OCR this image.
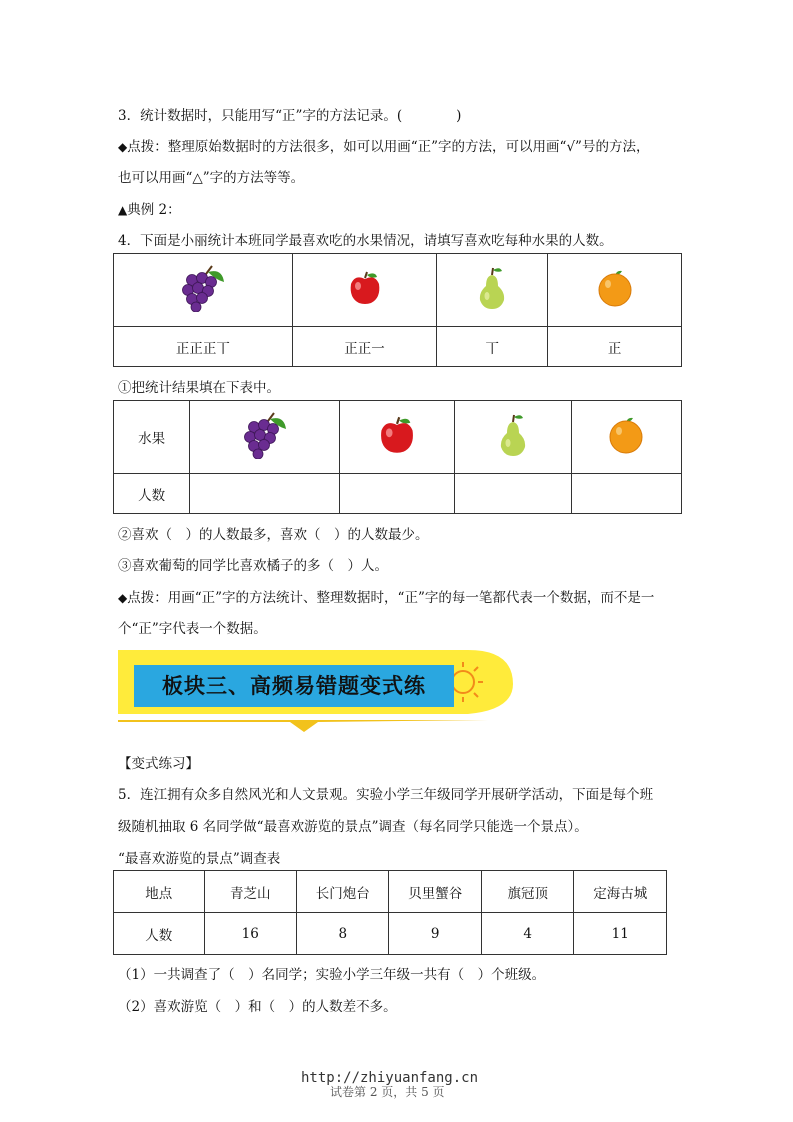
3．统计数据时，只能用写“正”字的方法记录。(　　　　)
◆点拨：整理原始数据时的方法很多，如可以用画“正”字的方法，可以用画“√”号的方法，
也可以用画“△”字的方法等等。
▲典例 2：
4．下面是小丽统计本班同学最喜欢吃的水果情况，请填写喜欢吃每种水果的人数。

正正正丅	正正一	丅	正
①把统计结果填在下表中。
水果				
人数				
②喜欢（　）的人数最多，喜欢（　）的人数最少。
③喜欢葡萄的同学比喜欢橘子的多（　）人。
◆点拨：用画“正”字的方法统计、整理数据时，“正”字的每一笔都代表一个数据，而不是一
个“正”字代表一个数据。
板块三、高频易错题变式练
【变式练习】
5．连江拥有众多自然风光和人文景观。实验小学三年级同学开展研学活动，下面是每个班
级随机抽取 6 名同学做“最喜欢游览的景点”调查（每名同学只能选一个景点）。
“最喜欢游览的景点”调查表
地点	青芝山	长门炮台	贝里蟹谷	旗冠顶	定海古城
人数	16	8	9	4	11
（1）一共调查了（　）名同学；实验小学三年级一共有（　）个班级。
（2）喜欢游览（　）和（　）的人数差不多。
http://zhiyuanfang.cn
试卷第 2 页，共 5 页
